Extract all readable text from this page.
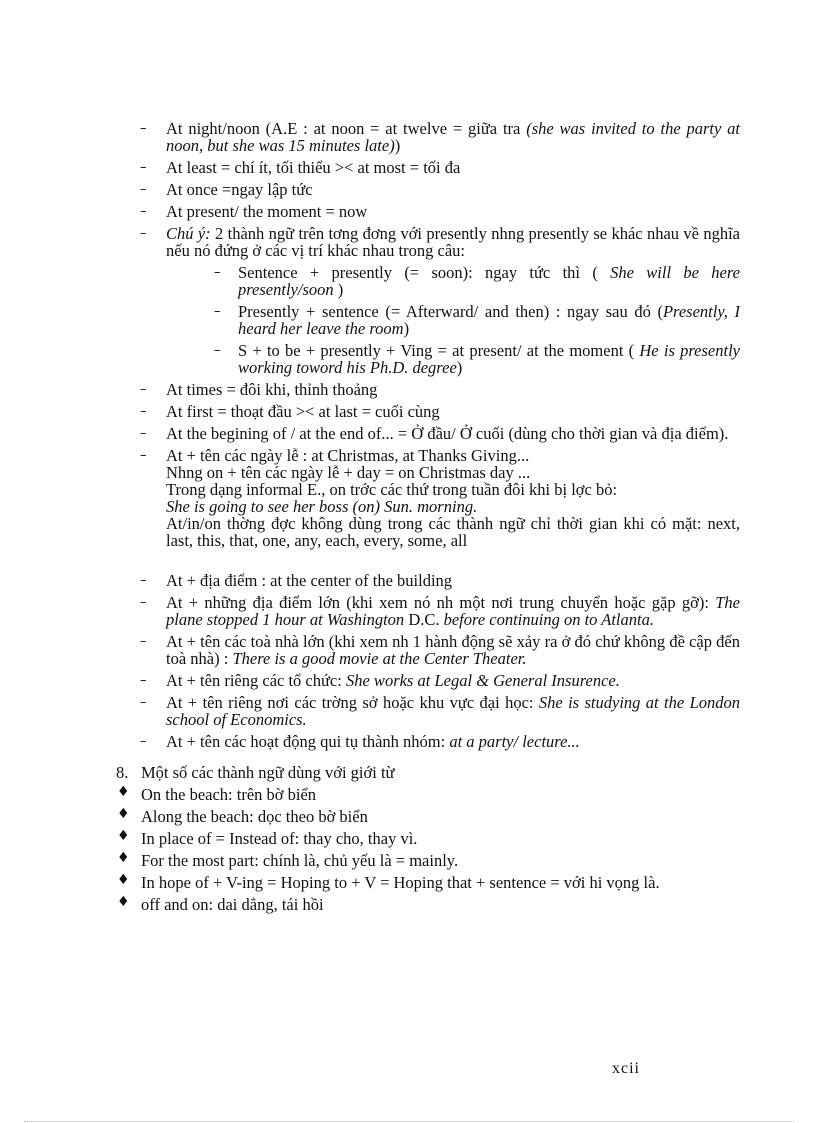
– At night/noon (A.E : at noon = at twelve = giữa tra (she was invited to the party at noon, but she was 15 minutes late))
– At least = chí ít, tối thiểu >< at most = tối đa
– At once =ngay lập tức
– At present/ the moment = now
– Chú ý: 2 thành ngữ trên tơng đơng với presently nhng presently se khác nhau về nghĩa nếu nó đứng ở các vị trí khác nhau trong câu:
– Sentence + presently (= soon): ngay tức thì ( She will be here presently/soon )
– Presently + sentence (= Afterward/ and then) : ngay sau đó (Presently, I heard her leave the room)
– S + to be + presently + Ving = at present/ at the moment ( He is presently working toword his Ph.D. degree)
– At times = đôi khi, thỉnh thoảng
– At first = thoạt đầu >< at last = cuối cùng
– At the begining of / at the end of... = Ở đầu/ Ở cuối (dùng cho thời gian và địa điểm).
– At + tên các ngày lễ : at Christmas, at Thanks Giving...
Nhng on + tên các ngày lễ + day = on Christmas day ...
Trong dạng informal E., on trớc các thứ trong tuần đôi khi bị lợc bỏ:
She is going to see her boss (on) Sun. morning.
At/in/on thờng đợc không dùng trong các thành ngữ chỉ thời gian khi có mặt: next, last, this, that, one, any, each, every, some, all
– At + địa điểm : at the center of the building
– At + những địa điểm lớn (khi xem nó nh một nơi trung chuyển hoặc gặp gỡ): The plane stopped 1 hour at Washington D.C. before continuing on to Atlanta.
– At + tên các toà nhà lớn (khi xem nh 1 hành động sẽ xảy ra ở đó chứ không đề cập đến toà nhà) : There is a good movie at the Center Theater.
– At + tên riêng các tổ chức: She works at Legal & General Insurence.
– At + tên riêng nơi các trờng sở hoặc khu vực đại học: She is studying at the London school of Economics.
– At + tên các hoạt động qui tụ thành nhóm: at a party/ lecture...
8. Một số các thành ngữ dùng với giới từ
♦ On the beach: trên bờ biển
♦ Along the beach: dọc theo bờ biển
♦ In place of = Instead of: thay cho, thay vì.
♦ For the most part: chính là, chủ yếu là = mainly.
♦ In hope of + V-ing = Hoping to + V = Hoping that + sentence = với hi vọng là.
♦ off and on: dai dẳng, tái hồi
xcii
